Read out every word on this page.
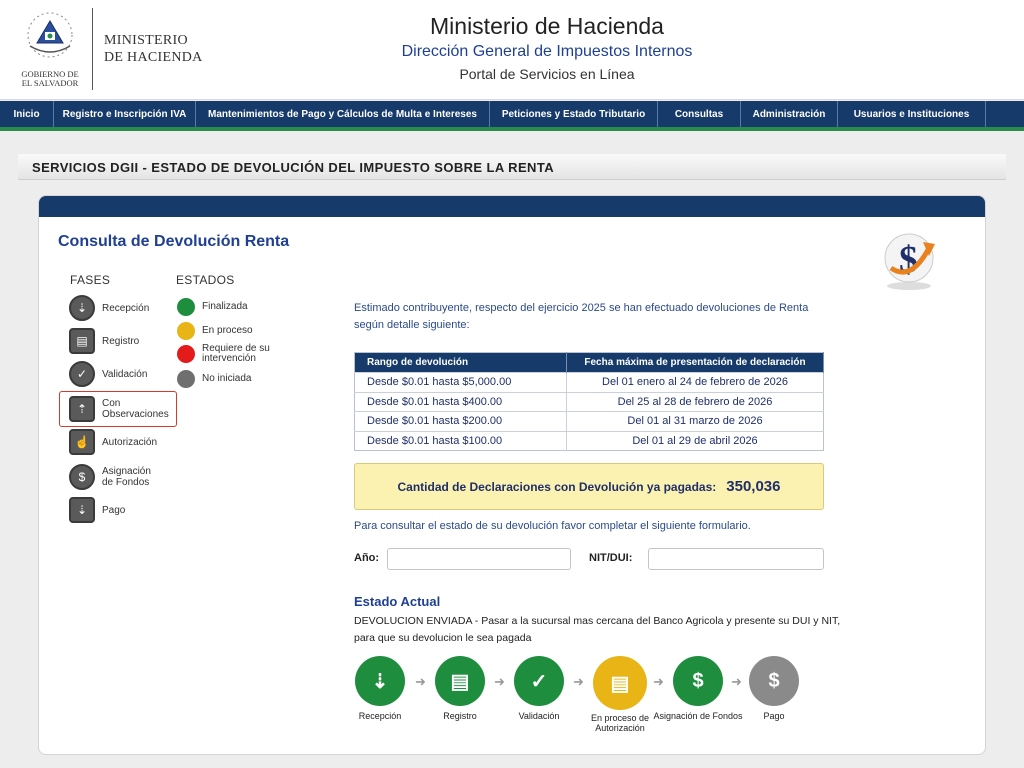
GOBIERNO DE
EL SALVADOR
MINISTERIO
DE HACIENDA
Ministerio de Hacienda
Dirección General de Impuestos Internos
Portal de Servicios en Línea
Inicio	Registro e Inscripción IVA	Mantenimientos de Pago y Cálculos de Multa e Intereses	Peticiones y Estado Tributario	Consultas	Administración	Usuarios e Instituciones
SERVICIOS DGII - ESTADO DE DEVOLUCIÓN DEL IMPUESTO SOBRE LA RENTA
Consulta de Devolución Renta	$
FASES	ESTADOS
⇣	Recepción
▤	Registro
✓	Validación
⇡	Con Observaciones
☝	Autorización
$	Asignación de Fondos
⇣	Pago
Finalizada
En proceso
Requiere de su intervención
No iniciada
Estimado contribuyente, respecto del ejercicio 2025 se han efectuado devoluciones de Renta según detalle siguiente:
Rango de devolución	Fecha máxima de presentación de declaración
Desde $0.01 hasta $5,000.00	Del 01 enero al 24 de febrero de 2026
Desde $0.01 hasta $400.00	Del 25 al 28 de febrero de 2026
Desde $0.01 hasta $200.00	Del 01 al 31 marzo de 2026
Desde $0.01 hasta $100.00	Del 01 al 29 de abril 2026
Cantidad de Declaraciones con Devolución ya pagadas: 350,036
Para consultar el estado de su devolución favor completar el siguiente formulario.
Año:	NIT/DUI:
Estado Actual
DEVOLUCION ENVIADA - Pasar a la sucursal mas cercana del Banco Agricola y presente su DUI y NIT, para que su devolucion le sea pagada
⇣
Recepción
➜	▤
Registro
➜	✓
Validación
➜	▤
En proceso de Autorización
➜	$
Asignación de Fondos
➜	$
Pago
